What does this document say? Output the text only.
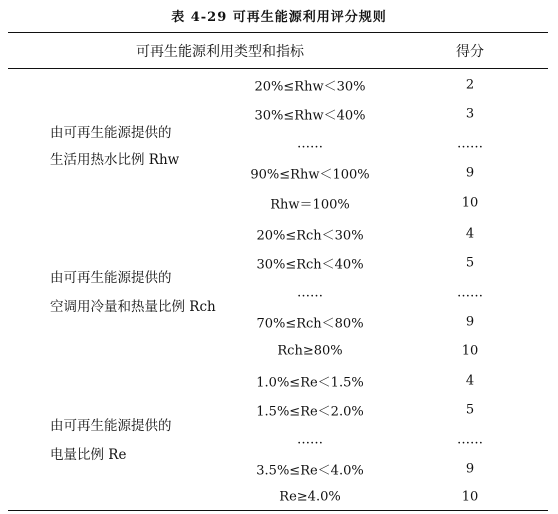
表 4-29 可再生能源利用评分规则
可再生能源利用类型和指标	得分
由可再生能源提供的
生活用热水比例 Rhw
20%≤Rhw＜30%	2
30%≤Rhw＜40%	3
……	……
90%≤Rhw＜100%	9
Rhw＝100%	10
由可再生能源提供的
空调用冷量和热量比例 Rch
20%≤Rch＜30%	4
30%≤Rch＜40%	5
……	……
70%≤Rch＜80%	9
Rch≥80%	10
由可再生能源提供的
电量比例 Re
1.0%≤Re＜1.5%	4
1.5%≤Re＜2.0%	5
……	……
3.5%≤Re＜4.0%	9
Re≥4.0%	10
